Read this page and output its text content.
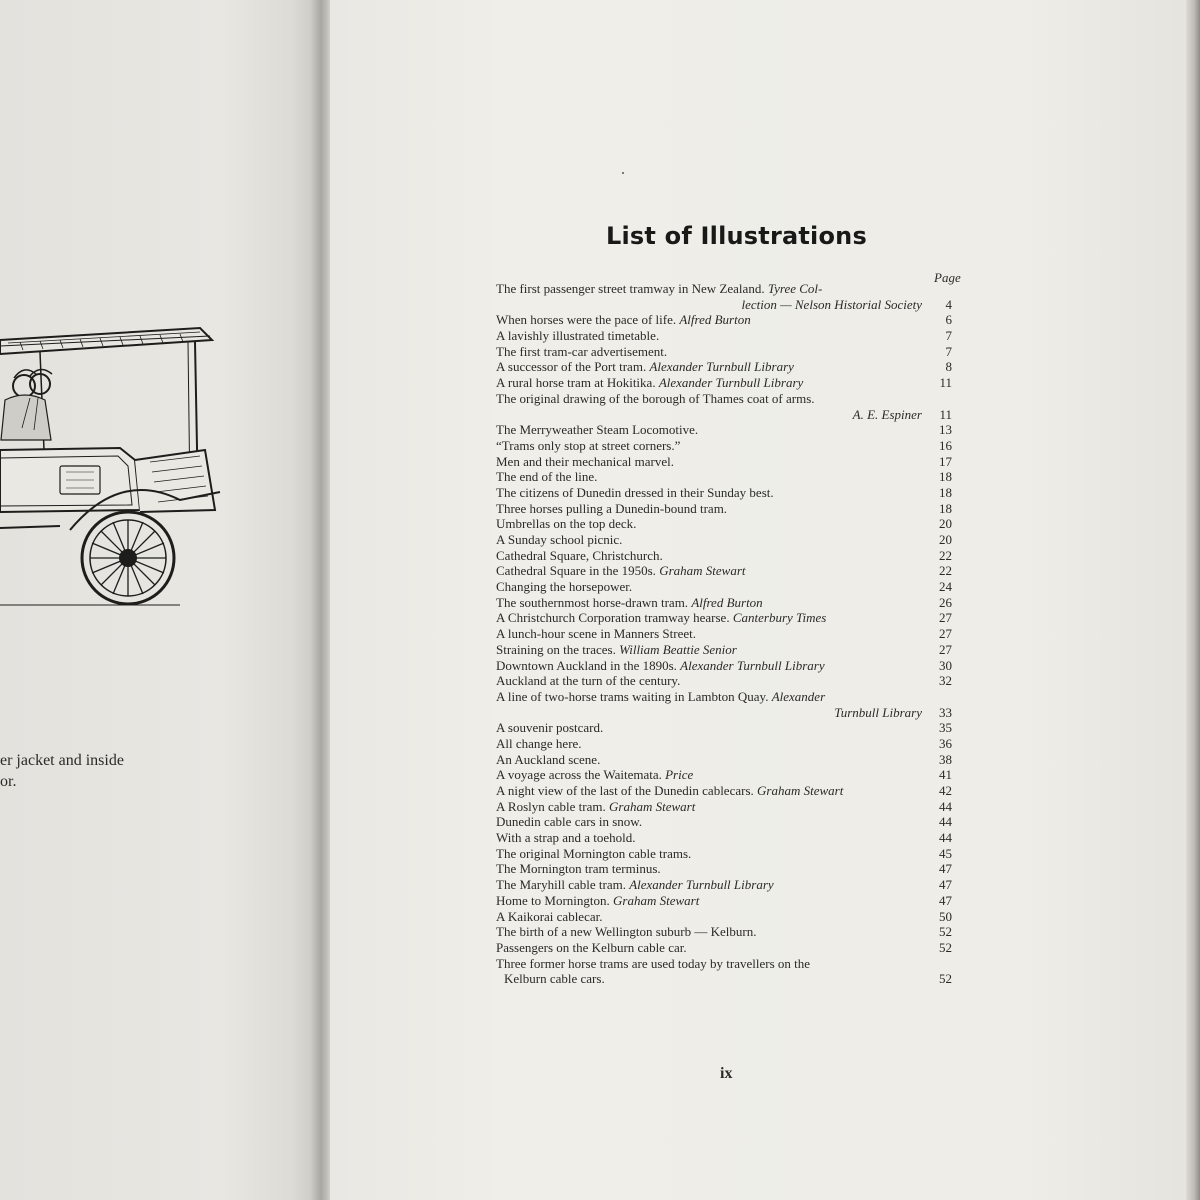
er jacket and inside
or.
List of Illustrations
Page
The first passenger street tramway in New Zealand. Tyree Col-
lection — Nelson Historial Society	4
When horses were the pace of life. Alfred Burton	6
A lavishly illustrated timetable.	7
The first tram-car advertisement.	7
A successor of the Port tram. Alexander Turnbull Library	8
A rural horse tram at Hokitika. Alexander Turnbull Library	11
The original drawing of the borough of Thames coat of arms.
A. E. Espiner	11
The Merryweather Steam Locomotive.	13
“Trams only stop at street corners.”	16
Men and their mechanical marvel.	17
The end of the line.	18
The citizens of Dunedin dressed in their Sunday best.	18
Three horses pulling a Dunedin-bound tram.	18
Umbrellas on the top deck.	20
A Sunday school picnic.	20
Cathedral Square, Christchurch.	22
Cathedral Square in the 1950s. Graham Stewart	22
Changing the horsepower.	24
The southernmost horse-drawn tram. Alfred Burton	26
A Christchurch Corporation tramway hearse. Canterbury Times	27
A lunch-hour scene in Manners Street.	27
Straining on the traces. William Beattie Senior	27
Downtown Auckland in the 1890s. Alexander Turnbull Library	30
Auckland at the turn of the century.	32
A line of two-horse trams waiting in Lambton Quay. Alexander
Turnbull Library	33
A souvenir postcard.	35
All change here.	36
An Auckland scene.	38
A voyage across the Waitemata. Price	41
A night view of the last of the Dunedin cablecars. Graham Stewart	42
A Roslyn cable tram. Graham Stewart	44
Dunedin cable cars in snow.	44
With a strap and a toehold.	44
The original Mornington cable trams.	45
The Mornington tram terminus.	47
The Maryhill cable tram. Alexander Turnbull Library	47
Home to Mornington. Graham Stewart	47
A Kaikorai cablecar.	50
The birth of a new Wellington suburb — Kelburn.	52
Passengers on the Kelburn cable car.	52
Three former horse trams are used today by travellers on the
Kelburn cable cars.	52
ix
